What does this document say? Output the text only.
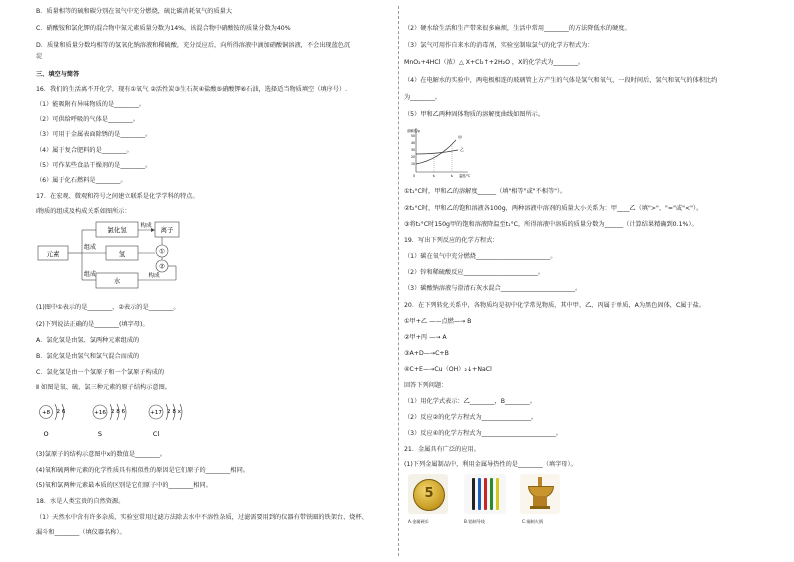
B．质量相等的硫和碳分别在氧气中充分燃烧，硫比碳消耗氧气的质量大
C．硝酸铵和氯化钾的混合物中氮元素质量分数为14%，该混合物中硝酸铵的质量分数为40%
D．质量和质量分数均相等的氢氧化钠溶液和稀硫酸，充分反应后，向所得溶液中滴加硝酸铜溶液，不会出现蓝色沉
淀
三、填空与简答
16．我们的生活离不开化学，现有①氧气 ②活性炭③生石灰④盐酸⑤硝酸钾⑥石油，选择适当物质填空（填序号）.
（1）能吸附有异味物质的是________。
（2）可供给呼吸的气体是________。
（3）可用于金属表面除锈的是________。
（4）属于复合肥料的是________。
（5）可作某些食品干燥剂的是________。
（6）属于化石燃料是________。
17．在宏观、微观和符号之间建立联系是化学学科的特点。
Ⅰ物质的组成及构成关系如图所示：
元素
组成
氯化氢
氢
水
构成 离子
①
②
构成
组成
(1)图中①表示的是________，②表示的是________。
(2)下列说法正确的是________(填字母)。
A．氯化氢是由氢、氯两种元素组成的
B．氯化氢是由氢气和氯气混合而成的
C．氯化氢是由一个氢原子和一个氯原子构成的
Ⅱ 如图是氧、硫、氯三种元素的原子结构示意图。
+8 2 6
O
+16 2 8 6
S
+17 2 8 x
Cl
(3)氯原子的结构示意图中x的数值是________。
(4)氧和硫两种元素的化学性质具有相似性的原因是它们原子的________相同。
(5)氧和氯两种元素最本质的区别是它们原子中的________相同。
18．水是人类宝贵的自然资源。
（1）天然水中含有许多杂质，实验室常用过滤方法除去水中不溶性杂质，过滤需要用到的仪器有带铁圈的铁架台、烧杯、
漏斗和________（填仪器名称）。
（2）硬水给生活和生产带来很多麻烦，生活中常用________的方法降低水的硬度。
（3）氯气可用作自来水的消毒剂，实验室制取氯气的化学方程式为：
MnO₂+4HCl（浓）△ X+Cl₂↑+2H₂O ，X的化学式为________。
（4）在电解水的实验中，两电极相连的玻璃管上方产生的气体是氢气和氧气，一段时间后，氢气和氧气的体积比约
为________。
（5）甲和乙两种固体物质的溶解度曲线如图所示。
溶解度/g
50
40
30
20
10
甲
乙
0	t₁	t₂ 温度/°C
①t₁°C时，甲和乙的溶解度______（填"相等"或"不相等"）。
②t₂°C时，甲和乙的饱和溶液各100g，两种溶液中溶剂的质量大小关系为：甲____乙（填">"、"="或"<"）。
③将t₂°C时150g甲的饱和溶液降温至t₁°C，所得溶液中溶质的质量分数为______（计算结果精确到0.1%）。
19．写出下列反应的化学方程式：
（1）碳在氧气中充分燃烧________________________。
（2）锌和稀硫酸反应________________________。
（3）碳酸钠溶液与澄清石灰水混合________________________。
20．在下列转化关系中，各物质均是初中化学常见物质，其中甲、乙、丙属于单质，A为黑色固体，C属于盐。
①甲+乙 ——点燃—→ B
②甲+丙 —→ A
③A+D—→C+B
④C+E—→Cu（OH）₂↓+NaCl
回答下列问题：
（1）用化学式表示：乙________，B________。
（2）反应②的化学方程式为________________。
（3）反应④的化学方程式为________________________。
21．金属具有广泛的应用。
(1)下列金属制品中，利用金属导热性的是________（填字母）。
5
A.金属硬币	B.铝制导线	C.铜制火锅
